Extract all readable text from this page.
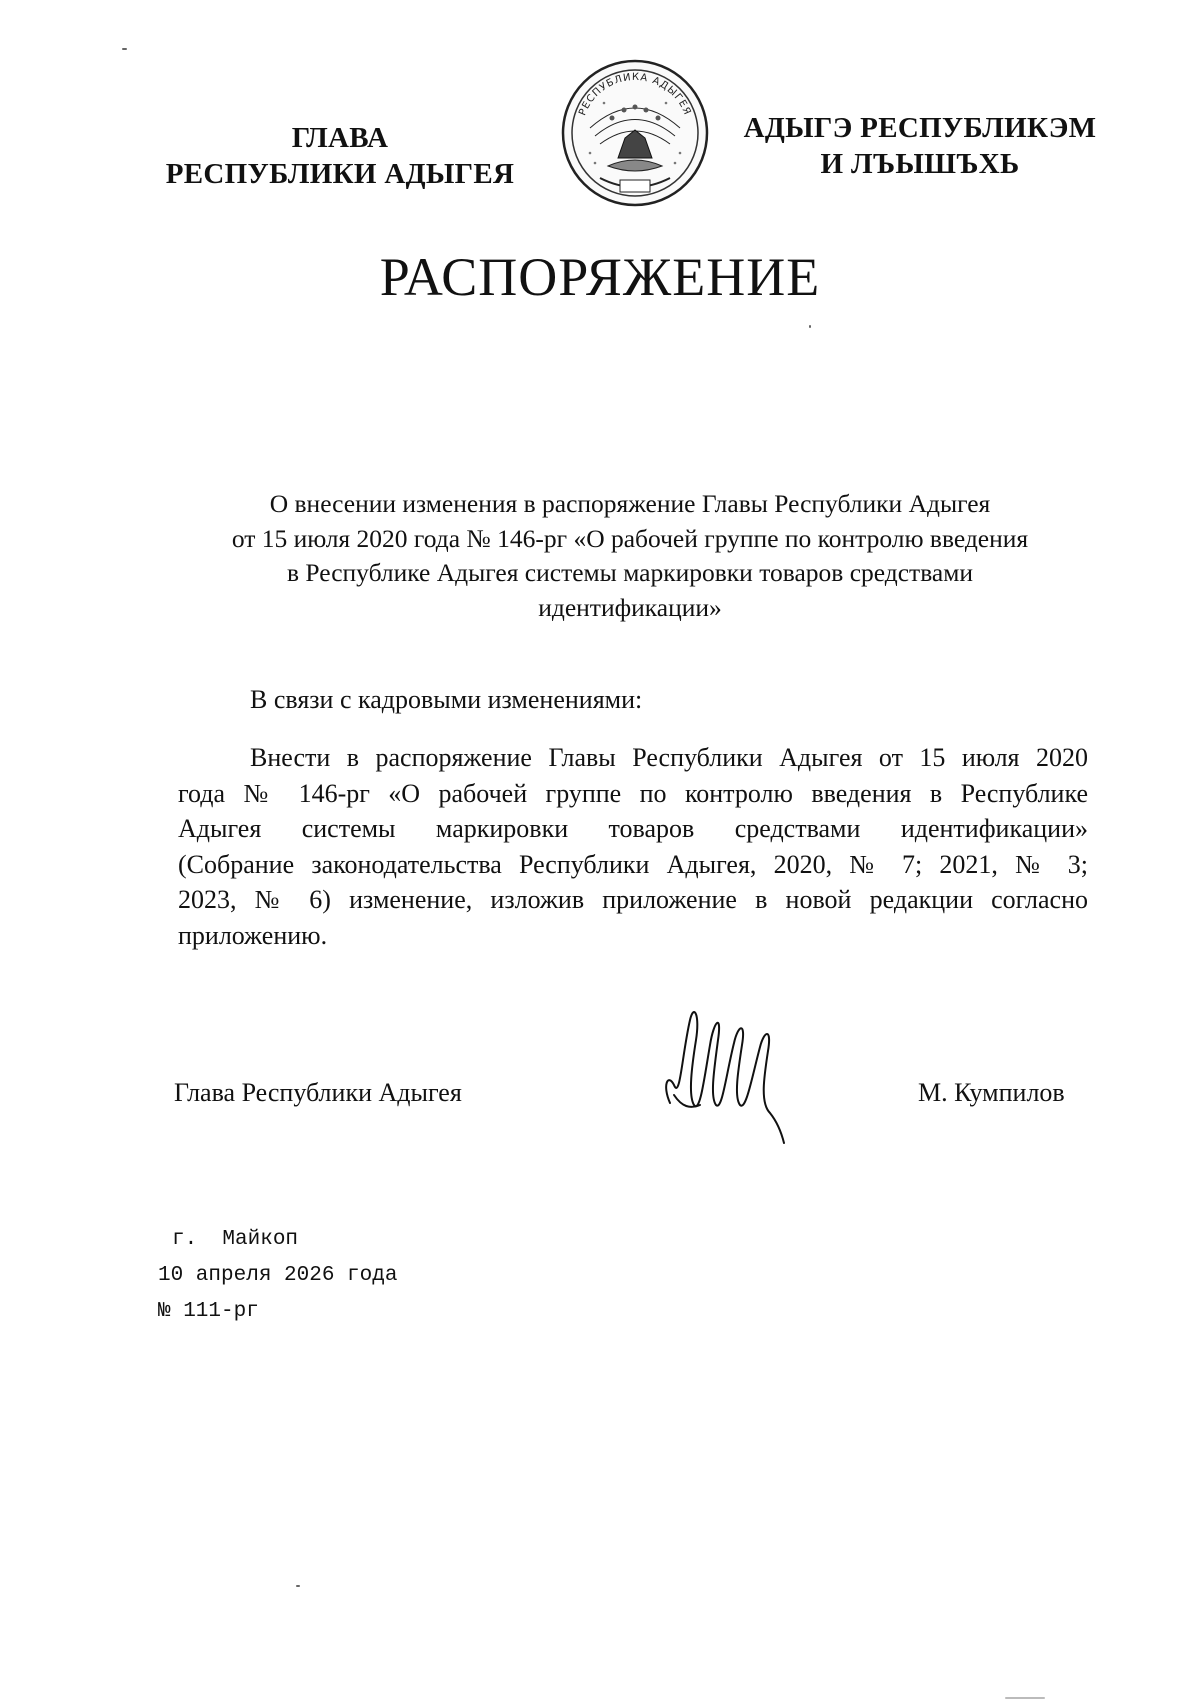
ГЛАВА
РЕСПУБЛИКИ АДЫГЕЯ
РЕСПУБЛИКА АДЫГЕЯ
АДЫГЭ РЕСПУБЛИКЭМ
И ЛЪЫШЪХЬ
РАСПОРЯЖЕНИЕ
О внесении изменения в распоряжение Главы Республики Адыгея
от 15 июля 2020 года № 146-рг «О рабочей группе по контролю введения
в Республике Адыгея системы маркировки товаров средствами
идентификации»
В связи с кадровыми изменениями:
Внести в распоряжение Главы Республики Адыгея от 15 июля 2020
года № 146-рг «О рабочей группе по контролю введения в Республике
Адыгея системы маркировки товаров средствами идентификации»
(Собрание законодательства Республики Адыгея, 2020, № 7; 2021, № 3;
2023, № 6) изменение, изложив приложение в новой редакции согласно
приложению.
Глава Республики Адыгея	М. Кумпилов
г.  Майкоп
10 апреля 2026 года
№ 111-рг
